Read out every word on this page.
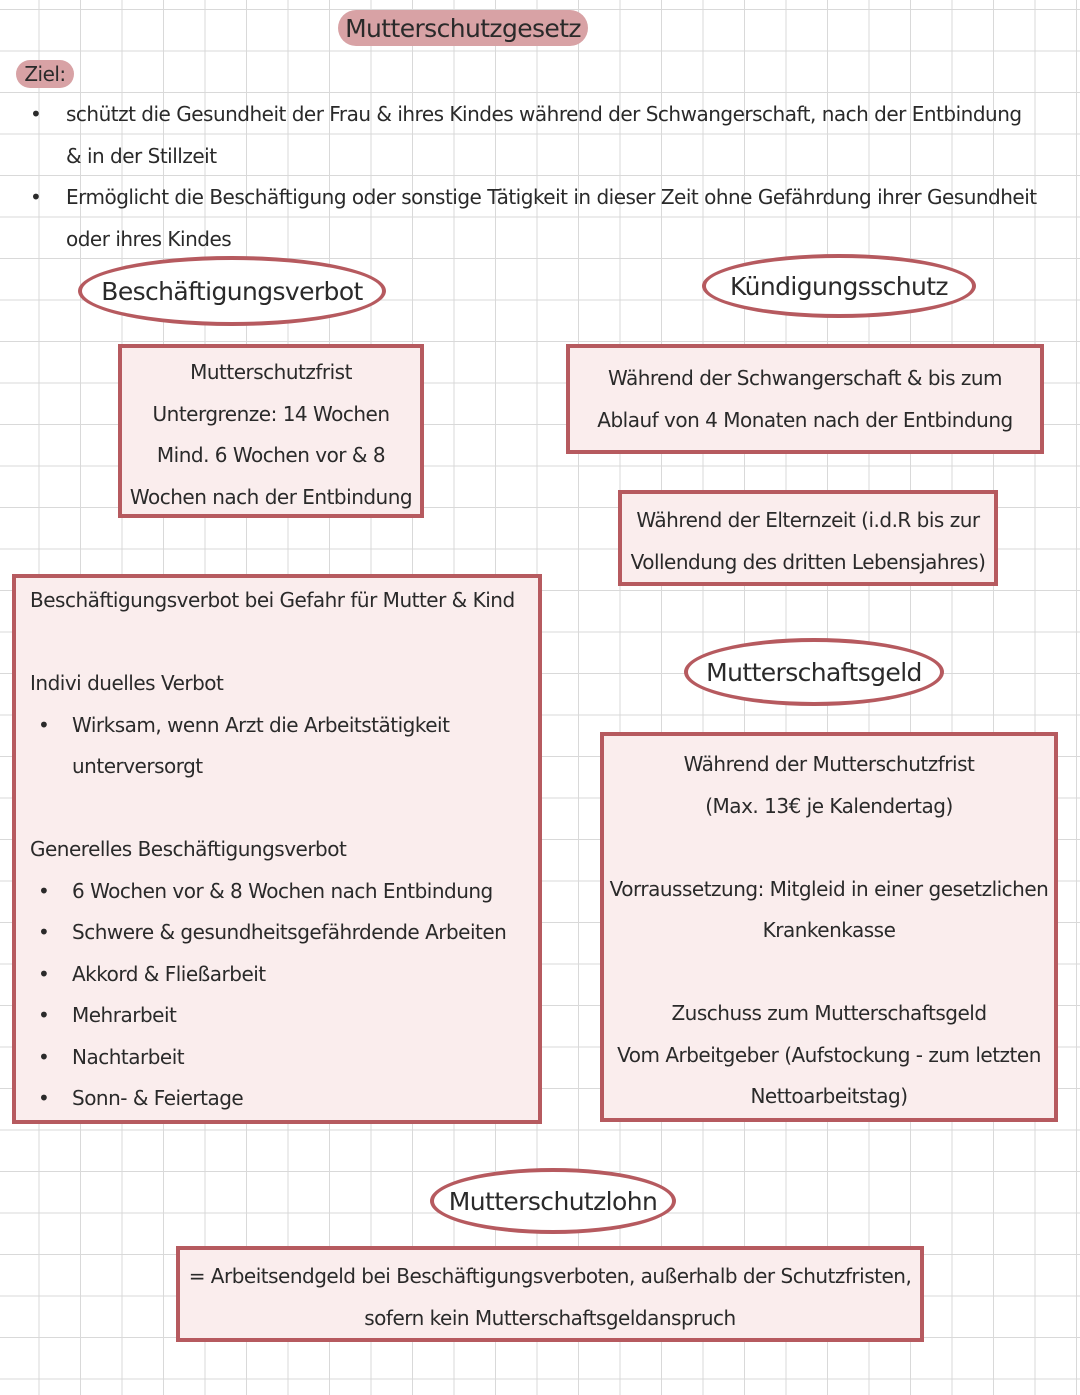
Mutterschutzgesetz
Ziel:
• schützt die Gesundheit der Frau & ihres Kindes während der Schwangerschaft, nach der Entbindung
& in der Stillzeit
• Ermöglicht die Beschäftigung oder sonstige Tätigkeit in dieser Zeit ohne Gefährdung ihrer Gesundheit
oder ihres Kindes
Beschäftigungsverbot
Mutterschutzfrist
Untergrenze: 14 Wochen
Mind. 6 Wochen vor & 8
Wochen nach der Entbindung
Kündigungsschutz
Während der Schwangerschaft & bis zum
Ablauf von 4 Monaten nach der Entbindung
Während der Elternzeit (i.d.R bis zur
Vollendung des dritten Lebensjahres)
Beschäftigungsverbot bei Gefahr für Mutter & Kind
Indivi duelles Verbot
• Wirksam, wenn Arzt die Arbeitstätigkeit
unterversorgt
Generelles Beschäftigungsverbot
• 6 Wochen vor & 8 Wochen nach Entbindung
• Schwere & gesundheitsgefährdende Arbeiten
• Akkord & Fließarbeit
• Mehrarbeit
• Nachtarbeit
• Sonn- & Feiertage
Mutterschaftsgeld
Während der Mutterschutzfrist
(Max. 13€ je Kalendertag)
Vorraussetzung: Mitgleid in einer gesetzlichen
Krankenkasse
Zuschuss zum Mutterschaftsgeld
Vom Arbeitgeber (Aufstockung - zum letzten
Nettoarbeitstag)
Mutterschutzlohn
= Arbeitsendgeld bei Beschäftigungsverboten, außerhalb der Schutzfristen,
sofern kein Mutterschaftsgeldanspruch
